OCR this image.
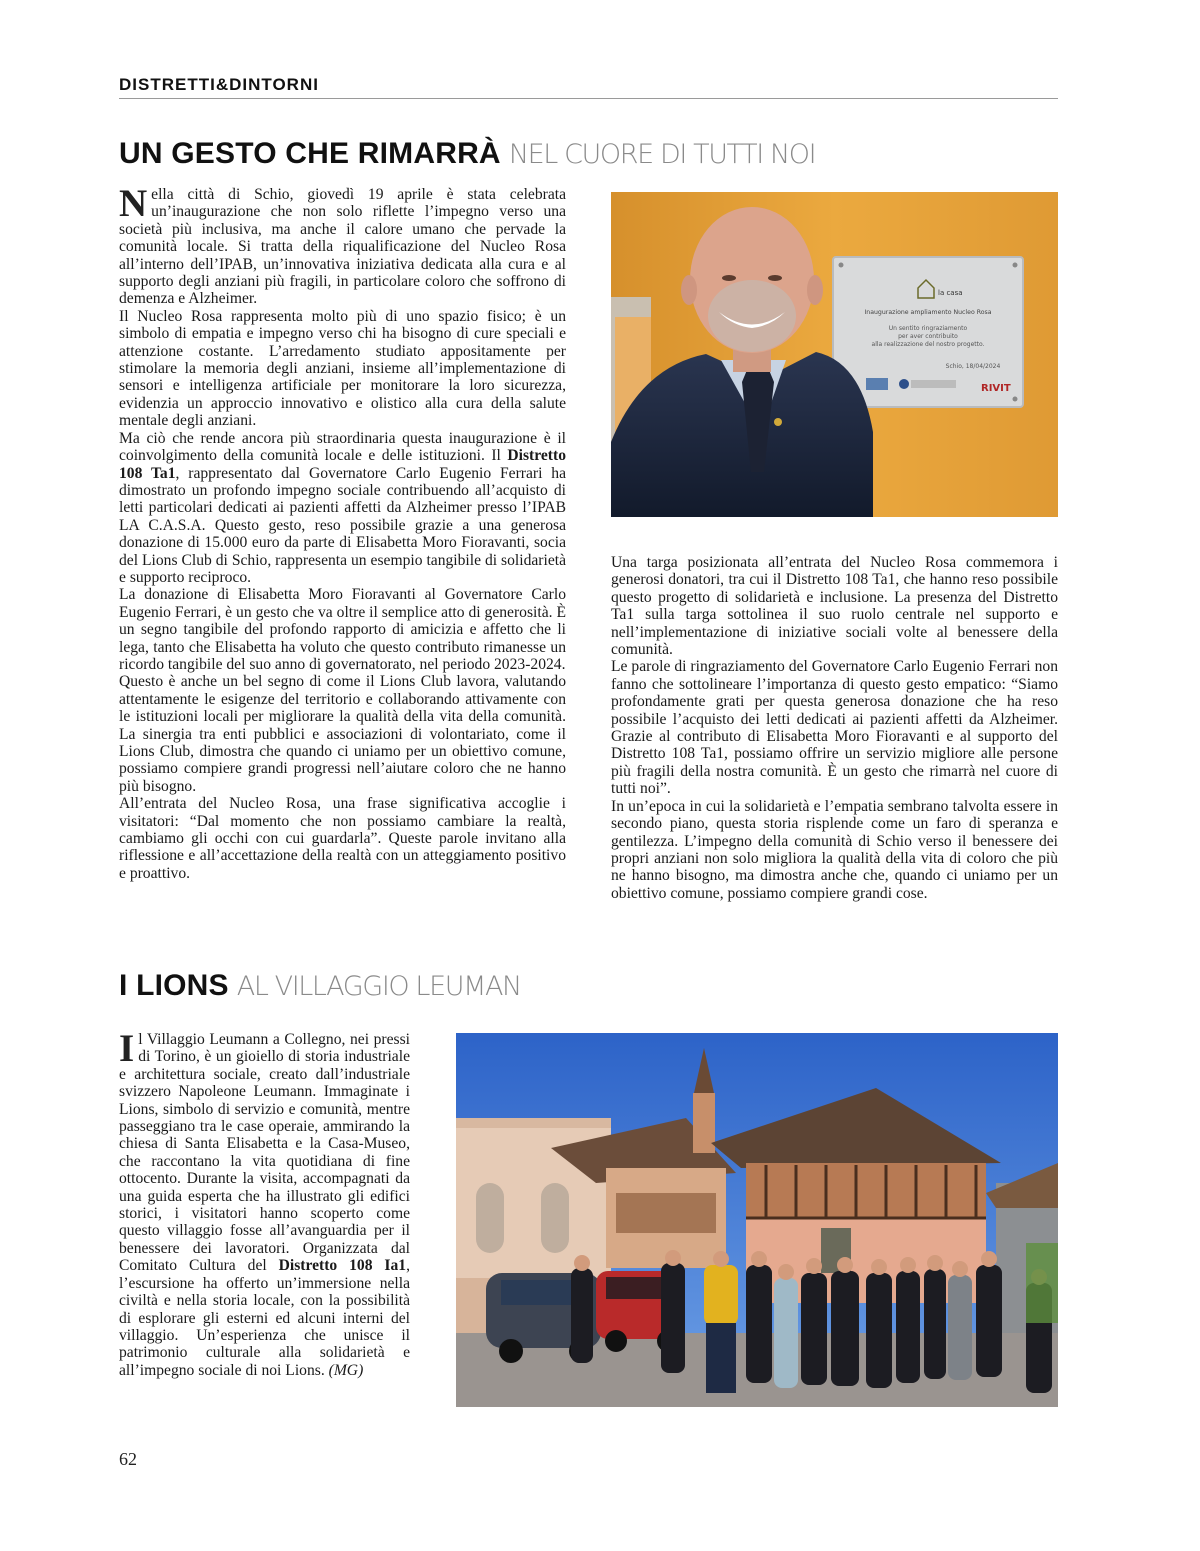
DISTRETTI&DINTORNI
UN GESTO CHE RIMARRÀ NEL CUORE DI TUTTI NOI

Nella città di Schio, giovedì 19 aprile è stata celebrata un’inaugurazione che non solo riflette l’impegno verso una società più inclusiva, ma anche il calore umano che pervade la comunità locale. Si tratta della riqualificazione del Nucleo Rosa all’interno dell’IPAB, un’innovativa iniziativa dedicata alla cura e al supporto degli anziani più fragili, in particolare coloro che soffrono di demenza e Alzheimer.

Il Nucleo Rosa rappresenta molto più di uno spazio fisico; è un simbolo di empatia e impegno verso chi ha bisogno di cure speciali e attenzione costante. L’arredamento studiato appositamente per stimolare la memoria degli anziani, insieme all’implementazione di sensori e intelligenza artificiale per monitorare la loro sicurezza, evidenzia un approccio innovativo e olistico alla cura della salute mentale degli anziani.

Ma ciò che rende ancora più straordinaria questa inaugurazione è il coinvolgimento della comunità locale e delle istituzioni. Il Distretto 108 Ta1, rappresentato dal Governatore Carlo Eugenio Ferrari ha dimostrato un profondo impegno sociale contribuendo all’acquisto di letti particolari dedicati ai pazienti affetti da Alzheimer presso l’IPAB LA C.A.S.A. Questo gesto, reso possibile grazie a una generosa donazione di 15.000 euro da parte di Elisabetta Moro Fioravanti, socia del Lions Club di Schio, rappresenta un esempio tangibile di solidarietà e supporto reciproco.

La donazione di Elisabetta Moro Fioravanti al Governatore Carlo Eugenio Ferrari, è un gesto che va oltre il semplice atto di generosità. È un segno tangibile del profondo rapporto di amicizia e affetto che li lega, tanto che Elisabetta ha voluto che questo contributo rimanesse un ricordo tangibile del suo anno di governatorato, nel periodo 2023-2024.

Questo è anche un bel segno di come il Lions Club lavora, valutando attentamente le esigenze del territorio e collaborando attivamente con le istituzioni locali per migliorare la qualità della vita della comunità. La sinergia tra enti pubblici e associazioni di volontariato, come il Lions Club, dimostra che quando ci uniamo per un obiettivo comune, possiamo compiere grandi progressi nell’aiutare coloro che ne hanno più bisogno.

All’entrata del Nucleo Rosa, una frase significativa accoglie i visitatori: “Dal momento che non possiamo cambiare la realtà, cambiamo gli occhi con cui guardarla”. Queste parole invitano alla riflessione e all’accettazione della realtà con un atteggiamento positivo e proattivo.

la casa
Inaugurazione ampliamento Nucleo Rosa
Un sentito ringraziamento
per aver contribuito
alla realizzazione del nostro progetto.
Schio, 18/04/2024
RIVIT

Una targa posizionata all’entrata del Nucleo Rosa commemora i generosi donatori, tra cui il Distretto 108 Ta1, che hanno reso possibile questo progetto di solidarietà e inclusione. La presenza del Distretto Ta1 sulla targa sottolinea il suo ruolo centrale nel supporto e nell’implementazione di iniziative sociali volte al benessere della comunità.

Le parole di ringraziamento del Governatore Carlo Eugenio Ferrari non fanno che sottolineare l’importanza di questo gesto empatico: “Siamo profondamente grati per questa generosa donazione che ha reso possibile l’acquisto dei letti dedicati ai pazienti affetti da Alzheimer. Grazie al contributo di Elisabetta Moro Fioravanti e al supporto del Distretto 108 Ta1, possiamo offrire un servizio migliore alle persone più fragili della nostra comunità. È un gesto che rimarrà nel cuore di tutti noi”.

In un’epoca in cui la solidarietà e l’empatia sembrano talvolta essere in secondo piano, questa storia risplende come un faro di speranza e gentilezza. L’impegno della comunità di Schio verso il benessere dei propri anziani non solo migliora la qualità della vita di coloro che più ne hanno bisogno, ma dimostra anche che, quando ci uniamo per un obiettivo comune, possiamo compiere grandi cose.

I LIONS AL VILLAGGIO LEUMAN

Il Villaggio Leumann a Collegno, nei pressi di Torino, è un gioiello di storia industriale e architettura sociale, creato dall’industriale svizzero Napoleone Leumann. Immaginate i Lions, simbolo di servizio e comunità, mentre passeggiano tra le case operaie, ammirando la chiesa di Santa Elisabetta e la Casa-Museo, che raccontano la vita quotidiana di fine ottocento. Durante la visita, accompagnati da una guida esperta che ha illustrato gli edifici storici, i visitatori hanno scoperto come questo villaggio fosse all’avanguardia per il benessere dei lavoratori. Organizzata dal Comitato Cultura del Distretto 108 Ia1, l’escursione ha offerto un’immersione nella civiltà e nella storia locale, con la possibilità di esplorare gli esterni ed alcuni interni del villaggio. Un’esperienza che unisce il patrimonio culturale alla solidarietà e all’impegno sociale di noi Lions. (MG)

62
